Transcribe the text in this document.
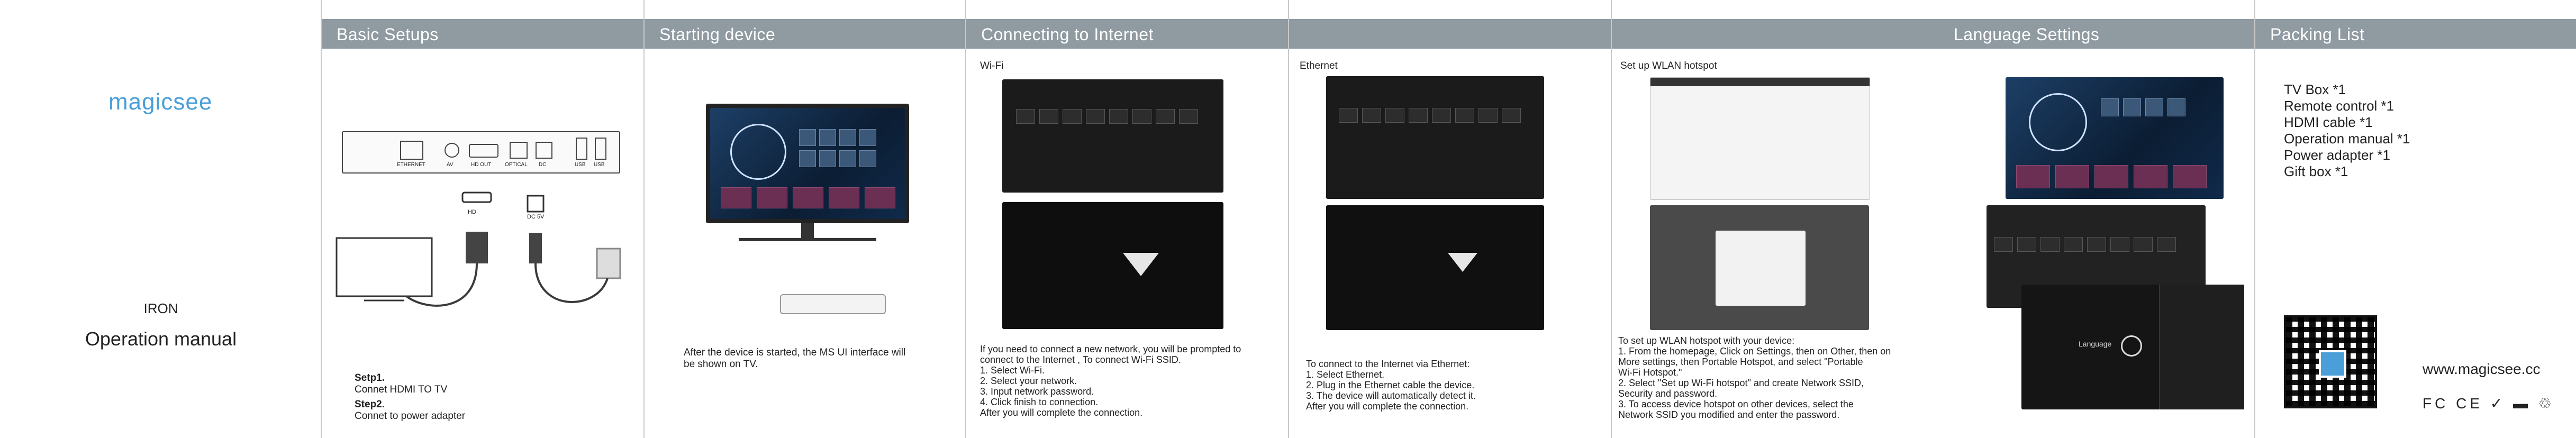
magicsee
IRON
Operation manual
Basic Setups
ETHERNET	AV	HD OUT	OPTICAL DC	USB USB
HD
DC 5V

Setp1.
Connet HDMI TO TV

Step2.
Connet to power adapter

Starting device
After the device is started, the MS UI interface will
be shown on TV.
Connecting to Internet
Wi-Fi
If you need to connect a new network, you will be prompted to
connect to the Internet , To connect Wi-Fi SSID.
1. Select Wi-Fi.
2. Select your network.
3. Input network password.
4. Click finish to connection.
After you will complete the connection.
Ethernet
To connect to the Internet via Ethernet:
1. Select Ethernet.
2. Plug in the Ethernet cable the device.
3. The device will automatically detect it.
After you will complete the connection.
Set up WLAN hotspot
To set up WLAN hotspot with your device:
1. From the homepage, Click on Settings, then on Other, then on
More settings, then Portable Hotspot, and select "Portable
Wi-Fi Hotspot."
2. Select "Set up Wi-Fi hotspot" and create Network SSID,
Security and password.
3. To access device hotspot on other devices, select the
Network SSID you modified and enter the password.
Language Settings
Language
Packing List
TV Box *1
Remote control *1
HDMI cable *1
Operation manual *1
Power adapter *1
Gift box *1
www.magicsee.cc
FC CE ✓ ▬ ♲
